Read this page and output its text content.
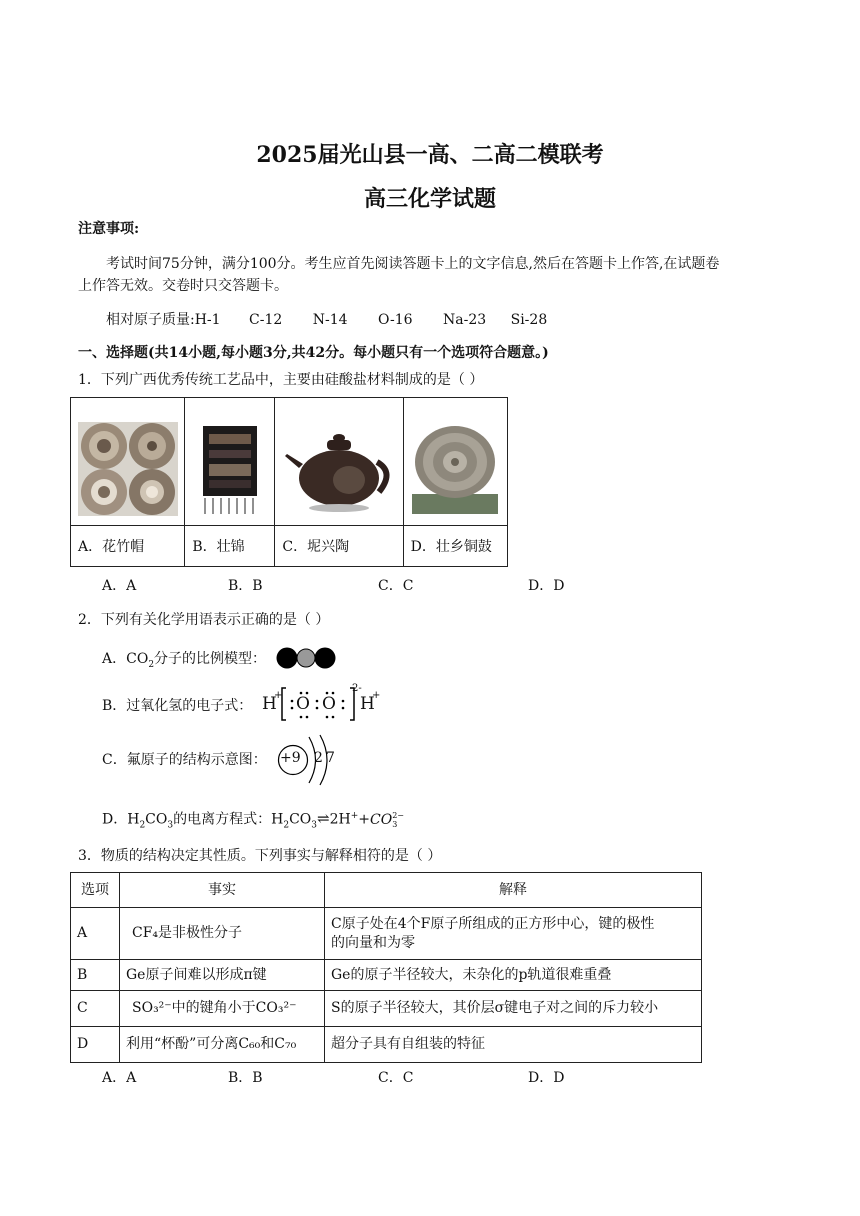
2025届光山县一高、二高二模联考
高三化学试题
注意事项:
考试时间75分钟，满分100分。考生应首先阅读答题卡上的文字信息,然后在答题卡上作答,在试题卷
上作答无效。交卷时只交答题卡。
相对原子质量:H-1 C-12 N-14 O-16 Na-23 Si-28
一、选择题(共14小题,每小题3分,共42分。每小题只有一个选项符合题意。)
1．下列广西优秀传统工艺品中，主要由硅酸盐材料制成的是（ ）

A．花竹帽	B．壮锦	C．坭兴陶	D．壮乡铜鼓
A．A	B．B	C．C	D．D
2．下列有关化学用语表示正确的是（ ）
A．$CO_2$分子的比例模型：
B．过氧化氢的电子式： H
+ O O
2-
H
+
C．氟原子的结构示意图： +9 2 7
D．$H_2CO_3$的电离方程式：$H_2CO_3\rightleftharpoons 2H^++CO$ 2−
3
3．物质的结构决定其性质。下列事实与解释相符的是（ ）
选项	事实	解释
A	CF₄是非极性分子	C原子处在4个F原子所组成的正方形中心，键的极性
的向量和为零

B	Ge原子间难以形成π键	Ge的原子半径较大，未杂化的p轨道很难重叠
C	SO₃²⁻中的键角小于CO₃²⁻	S的原子半径较大，其价层σ键电子对之间的斥力较小
D	利用“杯酚”可分离C₆₀和C₇₀	超分子具有自组装的特征
A．A	B．B	C．C	D．D
